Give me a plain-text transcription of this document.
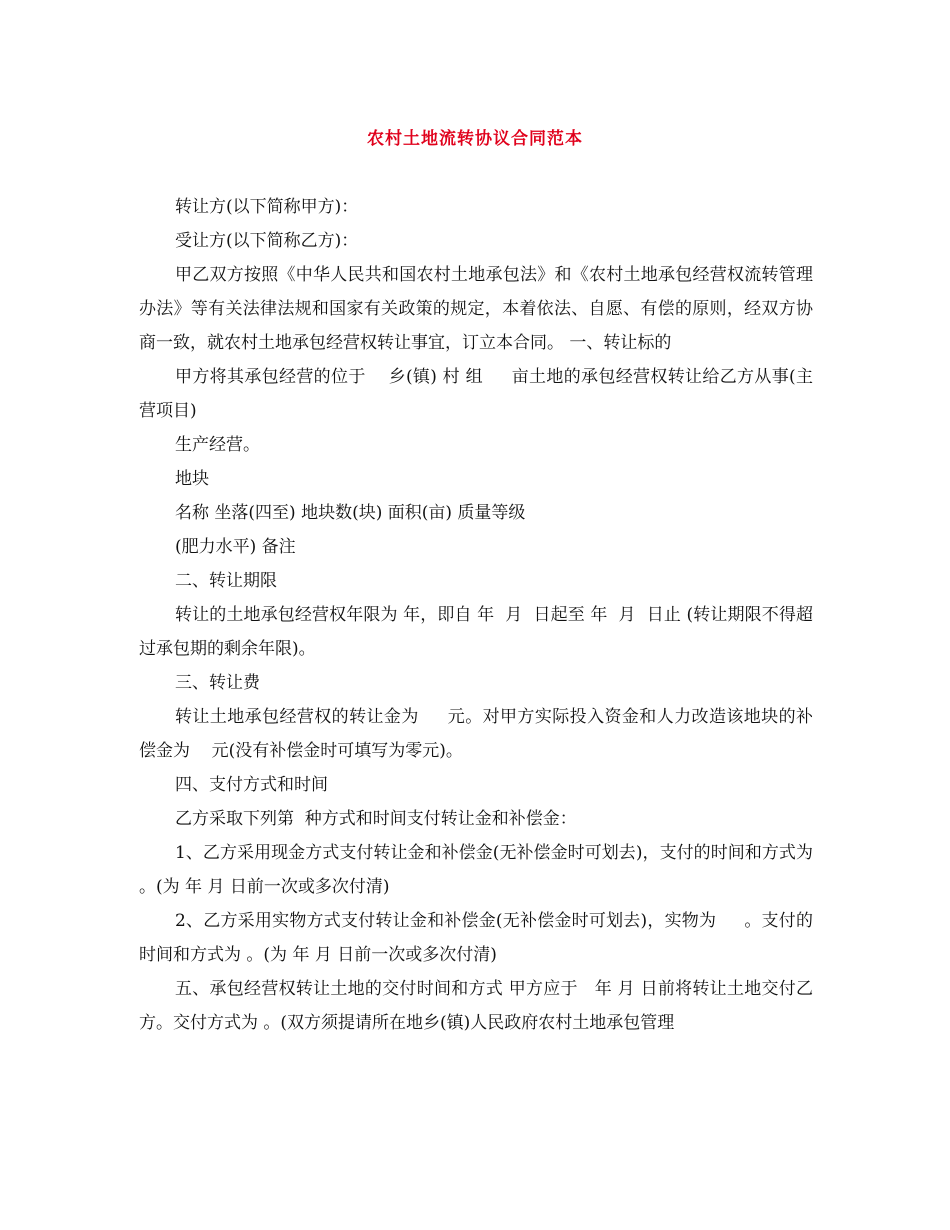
农村土地流转协议合同范本

转让方(以下简称甲方)：

受让方(以下简称乙方)：

甲乙双方按照《中华人民共和国农村土地承包法》和《农村土地承包经营权流转管理办法》等有关法律法规和国家有关政策的规定，本着依法、自愿、有偿的原则，经双方协商一致，就农村土地承包经营权转让事宜，订立本合同。 一、转让标的

甲方将其承包经营的位于    乡(镇) 村 组     亩土地的承包经营权转让给乙方从事(主营项目)

生产经营。

地块

名称 坐落(四至) 地块数(块) 面积(亩) 质量等级

(肥力水平) 备注

二、转让期限

转让的土地承包经营权年限为 年，即自 年  月  日起至 年  月  日止 (转让期限不得超过承包期的剩余年限)。

三、转让费

转让土地承包经营权的转让金为     元。对甲方实际投入资金和人力改造该地块的补偿金为    元(没有补偿金时可填写为零元)。

四、支付方式和时间

乙方采取下列第  种方式和时间支付转让金和补偿金：

1、乙方采用现金方式支付转让金和补偿金(无补偿金时可划去)，支付的时间和方式为 。(为 年 月 日前一次或多次付清)

2、乙方采用实物方式支付转让金和补偿金(无补偿金时可划去)，实物为     。支付的时间和方式为 。(为 年 月 日前一次或多次付清)

五、承包经营权转让土地的交付时间和方式 甲方应于   年 月 日前将转让土地交付乙方。交付方式为 。(双方须提请所在地乡(镇)人民政府农村土地承包管理
